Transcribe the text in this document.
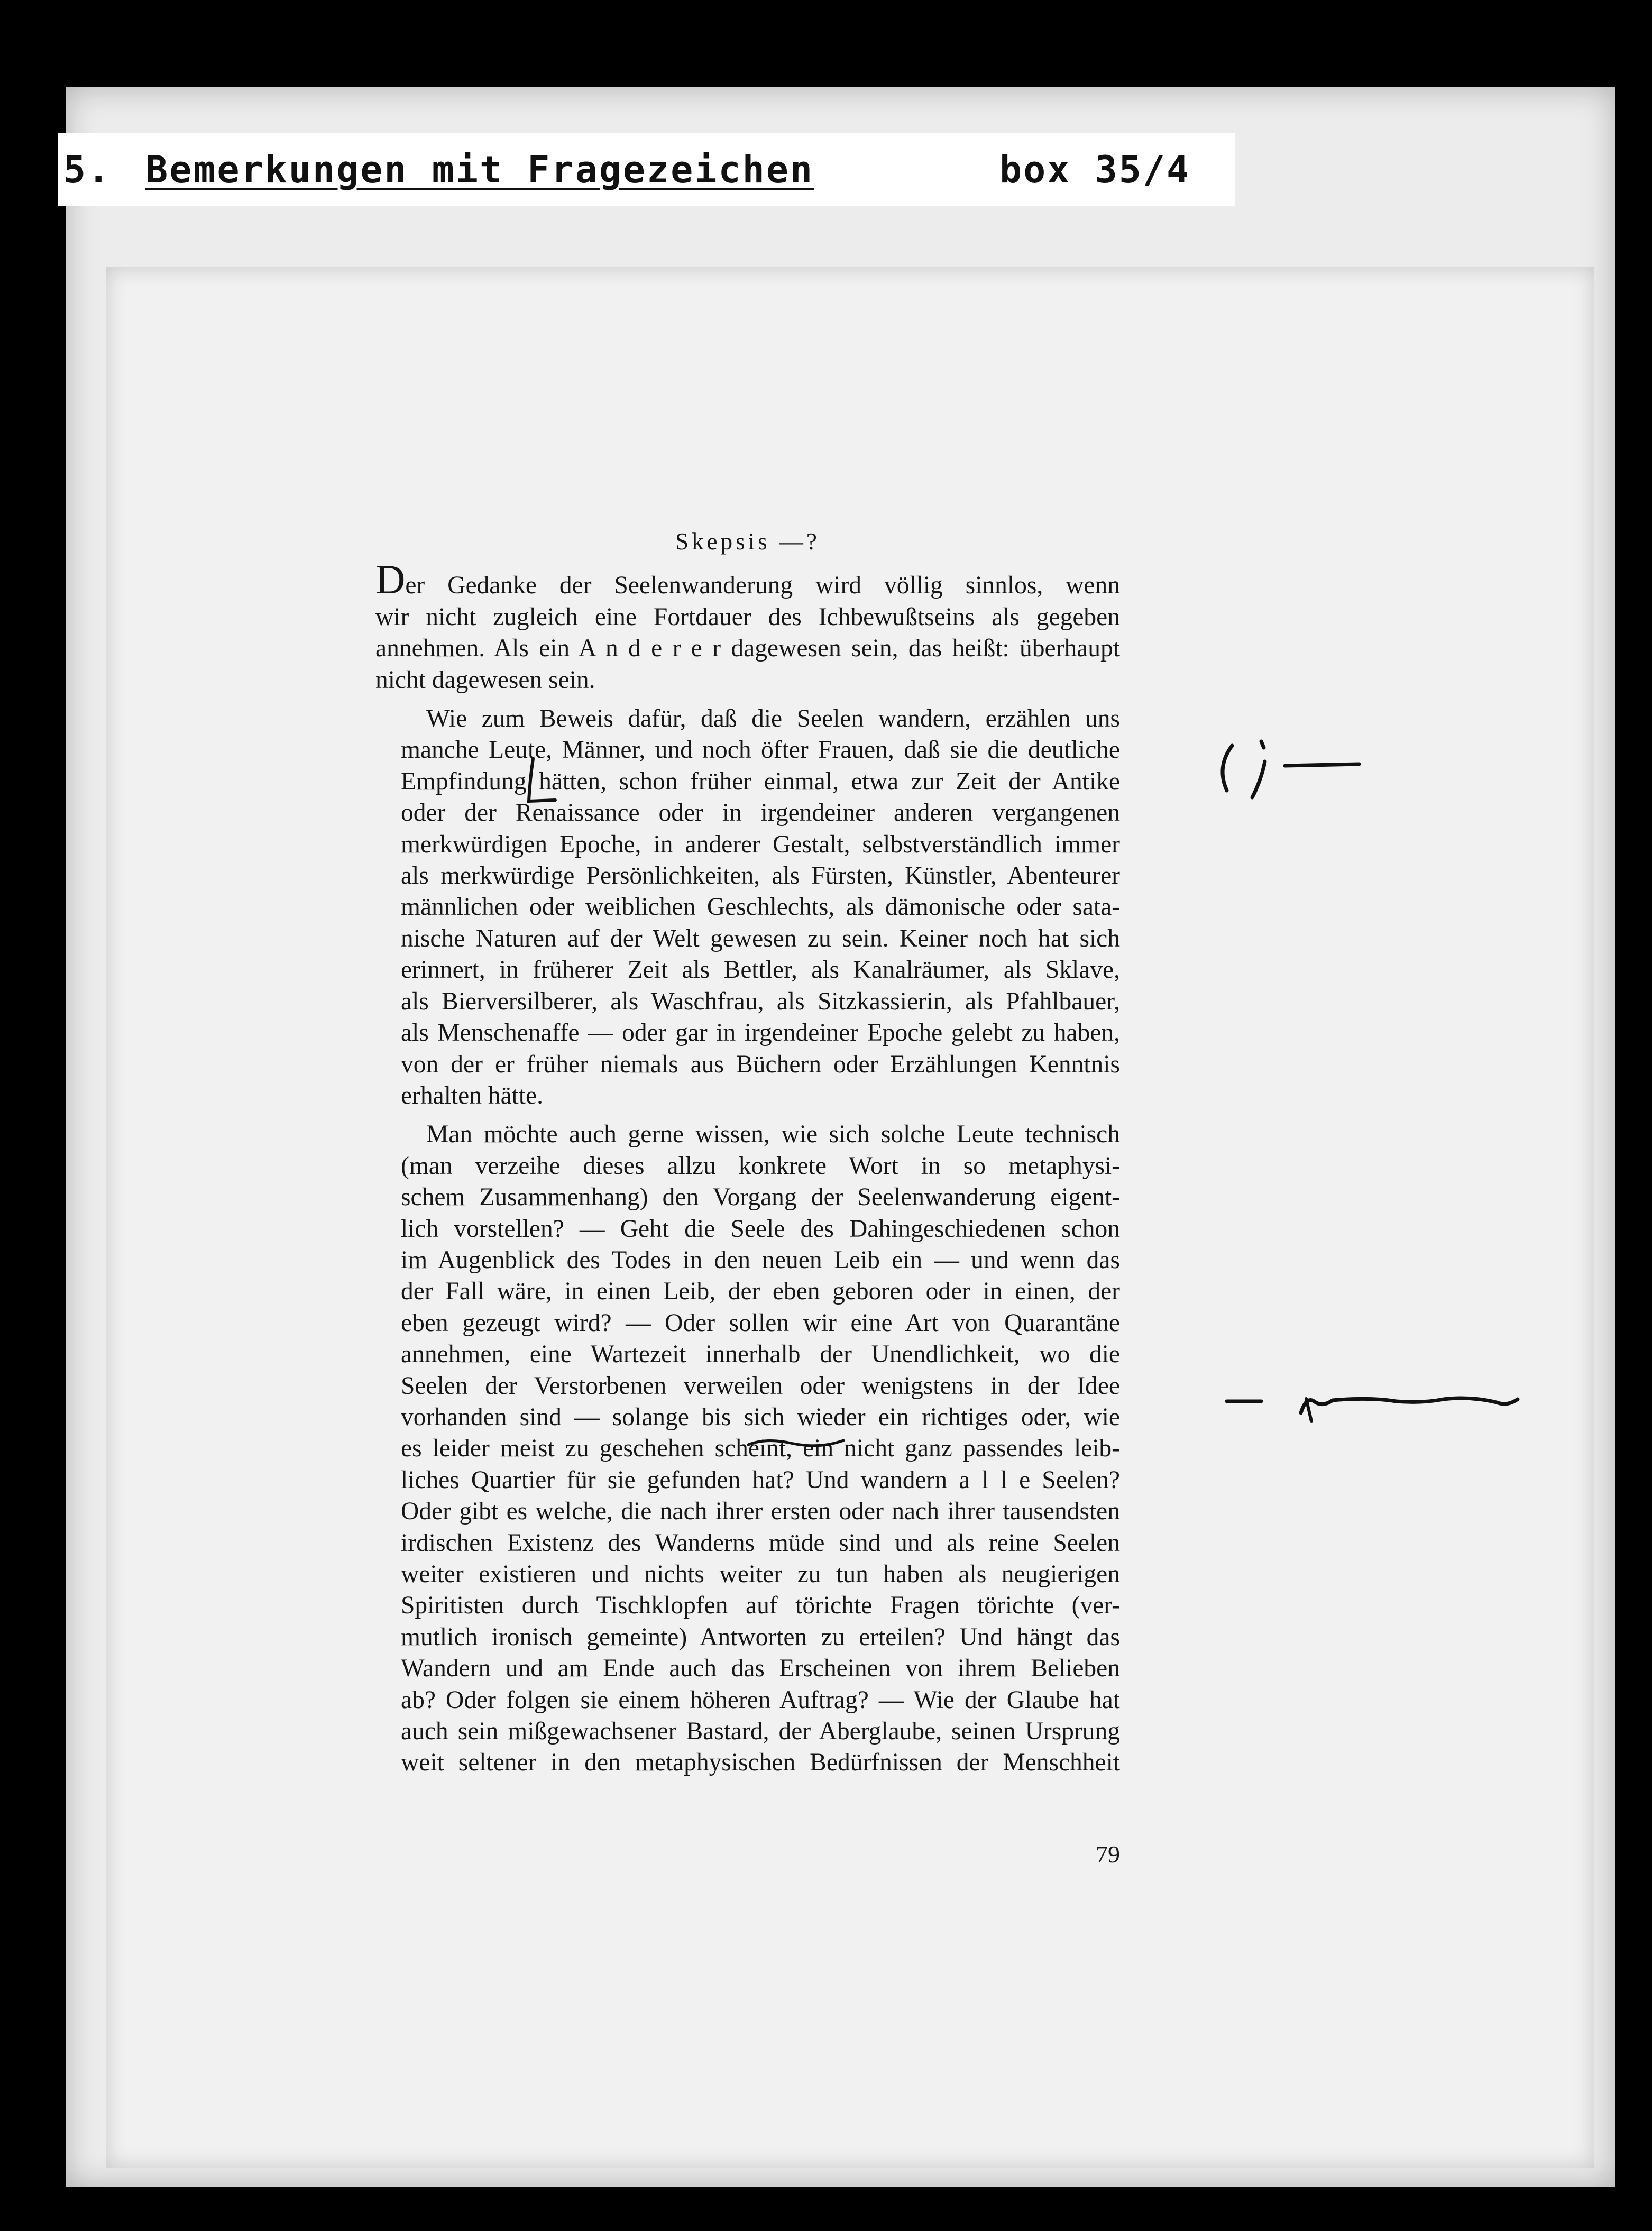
5. Bemerkungen mit Fragezeichen	box 35/4
Skepsis —?
Der Gedanke der Seelenwanderung wird völlig sinnlos, wenn
wir nicht zugleich eine Fortdauer des Ichbewußtseins als gegeben
annehmen. Als ein A n d e r e r dagewesen sein, das heißt: überhaupt
nicht dagewesen sein.
Wie zum Beweis dafür, daß die Seelen wandern, erzählen uns
manche Leute, Männer, und noch öfter Frauen, daß sie die deutliche
Empfindung hätten, schon früher einmal, etwa zur Zeit der Antike
oder der Renaissance oder in irgendeiner anderen vergangenen
merkwürdigen Epoche, in anderer Gestalt, selbstverständlich immer
als merkwürdige Persönlichkeiten, als Fürsten, Künstler, Abenteurer
männlichen oder weiblichen Geschlechts, als dämonische oder sata-
nische Naturen auf der Welt gewesen zu sein. Keiner noch hat sich
erinnert, in früherer Zeit als Bettler, als Kanalräumer, als Sklave,
als Bierversilberer, als Waschfrau, als Sitzkassierin, als Pfahlbauer,
als Menschenaffe — oder gar in irgendeiner Epoche gelebt zu haben,
von der er früher niemals aus Büchern oder Erzählungen Kenntnis
erhalten hätte.
Man möchte auch gerne wissen, wie sich solche Leute technisch
(man verzeihe dieses allzu konkrete Wort in so metaphysi-
schem Zusammenhang) den Vorgang der Seelenwanderung eigent-
lich vorstellen? — Geht die Seele des Dahingeschiedenen schon
im Augenblick des Todes in den neuen Leib ein — und wenn das
der Fall wäre, in einen Leib, der eben geboren oder in einen, der
eben gezeugt wird? — Oder sollen wir eine Art von Quarantäne
annehmen, eine Wartezeit innerhalb der Unendlichkeit, wo die
Seelen der Verstorbenen verweilen oder wenigstens in der Idee
vorhanden sind — solange bis sich wieder ein richtiges oder, wie
es leider meist zu geschehen scheint, ein nicht ganz passendes leib-
liches Quartier für sie gefunden hat? Und wandern a l l e Seelen?
Oder gibt es welche, die nach ihrer ersten oder nach ihrer tausendsten
irdischen Existenz des Wanderns müde sind und als reine Seelen
weiter existieren und nichts weiter zu tun haben als neugierigen
Spiritisten durch Tischklopfen auf törichte Fragen törichte (ver-
mutlich ironisch gemeinte) Antworten zu erteilen? Und hängt das
Wandern und am Ende auch das Erscheinen von ihrem Belieben
ab? Oder folgen sie einem höheren Auftrag? — Wie der Glaube hat
auch sein mißgewachsener Bastard, der Aberglaube, seinen Ursprung
weit seltener in den metaphysischen Bedürfnissen der Menschheit
79
